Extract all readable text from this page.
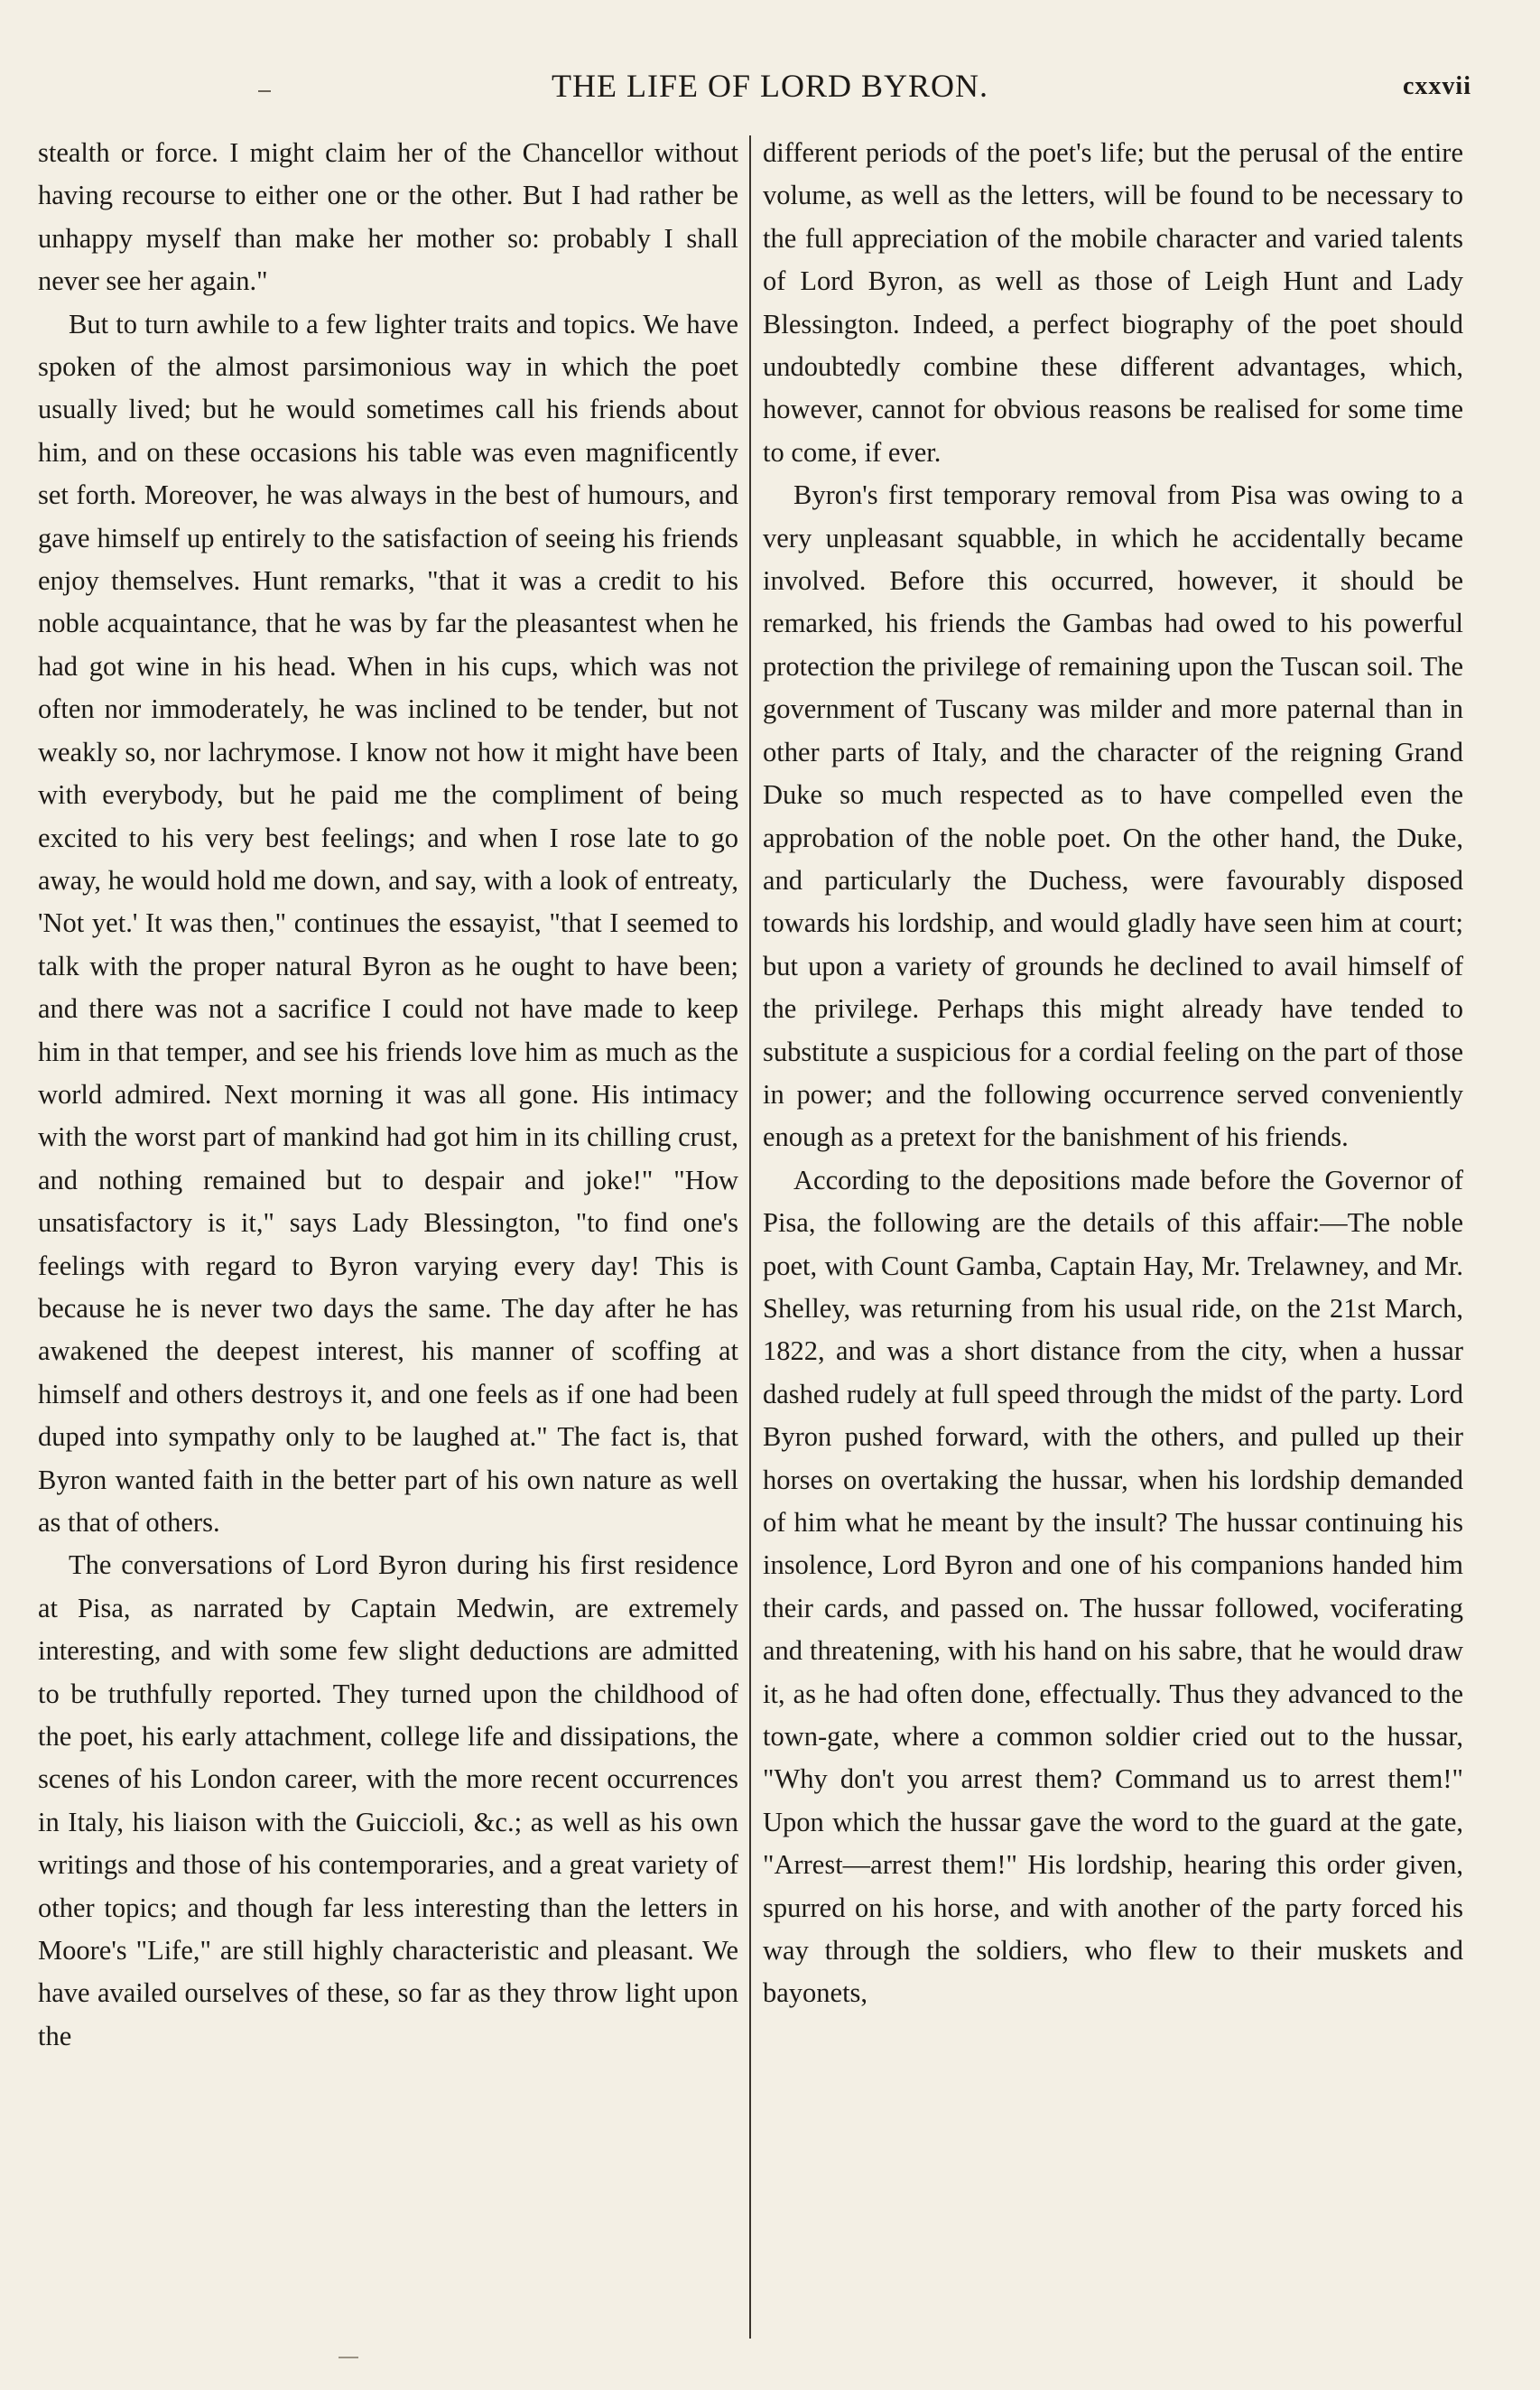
THE LIFE OF LORD BYRON.	cxxvii

stealth or force. I might claim her of the Chancellor without having recourse to either one or the other. But I had rather be unhappy myself than make her mother so: probably I shall never see her again."

But to turn awhile to a few lighter traits and topics. We have spoken of the almost parsimonious way in which the poet usually lived; but he would sometimes call his friends about him, and on these occasions his table was even magnificently set forth. Moreover, he was always in the best of humours, and gave himself up entirely to the satisfaction of seeing his friends enjoy themselves. Hunt remarks, "that it was a credit to his noble acquaintance, that he was by far the pleasantest when he had got wine in his head. When in his cups, which was not often nor immoderately, he was inclined to be tender, but not weakly so, nor lachrymose. I know not how it might have been with everybody, but he paid me the compliment of being excited to his very best feelings; and when I rose late to go away, he would hold me down, and say, with a look of entreaty, 'Not yet.' It was then," continues the essayist, "that I seemed to talk with the proper natural Byron as he ought to have been; and there was not a sacrifice I could not have made to keep him in that temper, and see his friends love him as much as the world admired. Next morning it was all gone. His intimacy with the worst part of mankind had got him in its chilling crust, and nothing remained but to despair and joke!" "How unsatisfactory is it," says Lady Blessington, "to find one's feelings with regard to Byron varying every day! This is because he is never two days the same. The day after he has awakened the deepest interest, his manner of scoffing at himself and others destroys it, and one feels as if one had been duped into sympathy only to be laughed at." The fact is, that Byron wanted faith in the better part of his own nature as well as that of others.

The conversations of Lord Byron during his first residence at Pisa, as narrated by Captain Medwin, are extremely interesting, and with some few slight deductions are admitted to be truthfully reported. They turned upon the childhood of the poet, his early attachment, college life and dissipations, the scenes of his London career, with the more recent occurrences in Italy, his liaison with the Guiccioli, &c.; as well as his own writings and those of his contemporaries, and a great variety of other topics; and though far less interesting than the letters in Moore's "Life," are still highly characteristic and pleasant. We have availed ourselves of these, so far as they throw light upon the

different periods of the poet's life; but the perusal of the entire volume, as well as the letters, will be found to be necessary to the full appreciation of the mobile character and varied talents of Lord Byron, as well as those of Leigh Hunt and Lady Blessington. Indeed, a perfect biography of the poet should undoubtedly combine these different advantages, which, however, cannot for obvious reasons be realised for some time to come, if ever.

Byron's first temporary removal from Pisa was owing to a very unpleasant squabble, in which he accidentally became involved. Before this occurred, however, it should be remarked, his friends the Gambas had owed to his powerful protection the privilege of remaining upon the Tuscan soil. The government of Tuscany was milder and more paternal than in other parts of Italy, and the character of the reigning Grand Duke so much respected as to have compelled even the approbation of the noble poet. On the other hand, the Duke, and particularly the Duchess, were favourably disposed towards his lordship, and would gladly have seen him at court; but upon a variety of grounds he declined to avail himself of the privilege. Perhaps this might already have tended to substitute a suspicious for a cordial feeling on the part of those in power; and the following occurrence served conveniently enough as a pretext for the banishment of his friends.

According to the depositions made before the Governor of Pisa, the following are the details of this affair:—The noble poet, with Count Gamba, Captain Hay, Mr. Trelawney, and Mr. Shelley, was returning from his usual ride, on the 21st March, 1822, and was a short distance from the city, when a hussar dashed rudely at full speed through the midst of the party. Lord Byron pushed forward, with the others, and pulled up their horses on overtaking the hussar, when his lordship demanded of him what he meant by the insult? The hussar continuing his insolence, Lord Byron and one of his companions handed him their cards, and passed on. The hussar followed, vociferating and threatening, with his hand on his sabre, that he would draw it, as he had often done, effectually. Thus they advanced to the town-gate, where a common soldier cried out to the hussar, "Why don't you arrest them? Command us to arrest them!" Upon which the hussar gave the word to the guard at the gate, "Arrest—arrest them!" His lordship, hearing this order given, spurred on his horse, and with another of the party forced his way through the soldiers, who flew to their muskets and bayonets,
